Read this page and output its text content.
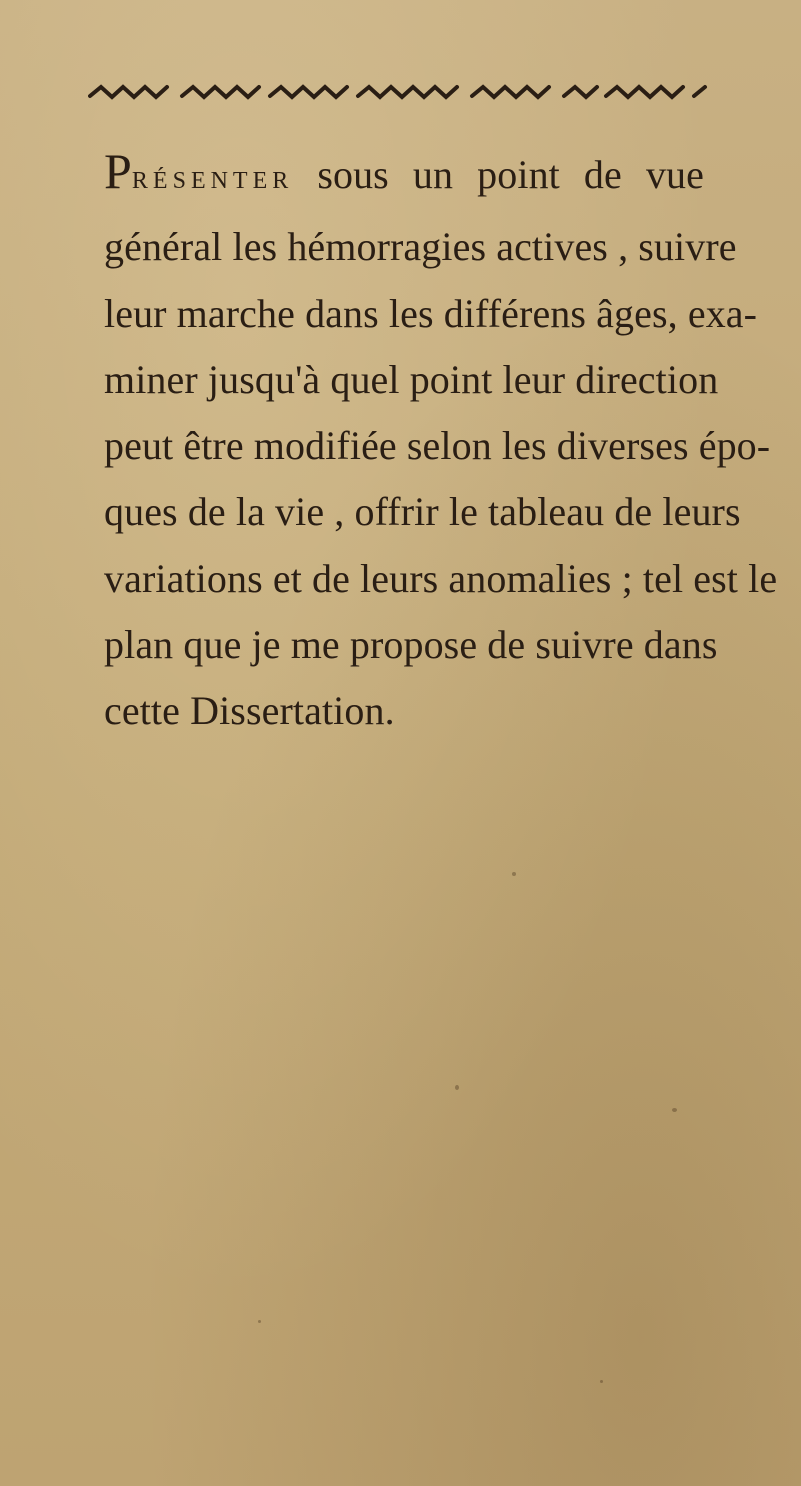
PRÉSENTER sous un point de vue
général les hémorragies actives , suivre
leur marche dans les différens âges, exa-
miner jusqu'à quel point leur direction
peut être modifiée selon les diverses épo-
ques de la vie , offrir le tableau de leurs
variations et de leurs anomalies ; tel est le
plan que je me propose de suivre dans
cette Dissertation.
